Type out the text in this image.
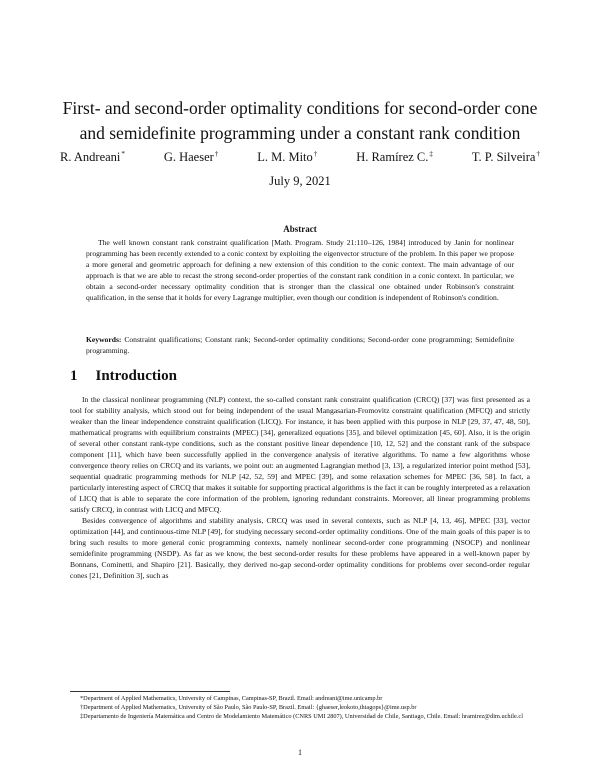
First- and second-order optimality conditions for second-order cone
and semidefinite programming under a constant rank condition
R. Andreani*	G. Haeser†	L. M. Mito†	H. Ramírez C.‡	T. P. Silveira†
July 9, 2021
Abstract

The well known constant rank constraint qualification [Math. Program. Study 21:110–126, 1984] introduced by Janin for nonlinear programming has been recently extended to a conic context by exploiting the eigenvector structure of the problem. In this paper we propose a more general and geometric approach for defining a new extension of this condition to the conic context. The main advantage of our approach is that we are able to recast the strong second-order properties of the constant rank condition in a conic context. In particular, we obtain a second-order necessary optimality condition that is stronger than the classical one obtained under Robinson's constraint qualification, in the sense that it holds for every Lagrange multiplier, even though our condition is independent of Robinson's condition.

Keywords: Constraint qualifications; Constant rank; Second-order optimality conditions; Second-order cone programming; Semidefinite programming.

1 Introduction

In the classical nonlinear programming (NLP) context, the so-called constant rank constraint qualification (CRCQ) [37] was first presented as a tool for stability analysis, which stood out for being independent of the usual Mangasarian-Fromovitz constraint qualification (MFCQ) and strictly weaker than the linear independence constraint qualification (LICQ). For instance, it has been applied with this purpose in NLP [29, 37, 47, 48, 50], mathematical programs with equilibrium constraints (MPEC) [34], generalized equations [35], and bilevel optimization [45, 60]. Also, it is the origin of several other constant rank-type conditions, such as the constant positive linear dependence [10, 12, 52] and the constant rank of the subspace component [11], which have been successfully applied in the convergence analysis of iterative algorithms. To name a few algorithms whose convergence theory relies on CRCQ and its variants, we point out: an augmented Lagrangian method [3, 13], a regularized interior point method [53], sequential quadratic programming methods for NLP [42, 52, 59] and MPEC [39], and some relaxation schemes for MPEC [36, 58]. In fact, a particularly interesting aspect of CRCQ that makes it suitable for supporting practical algorithms is the fact it can be roughly interpreted as a relaxation of LICQ that is able to separate the core information of the problem, ignoring redundant constraints. Moreover, all linear programming problems satisfy CRCQ, in contrast with LICQ and MFCQ.

Besides convergence of algorithms and stability analysis, CRCQ was used in several contexts, such as NLP [4, 13, 46], MPEC [33], vector optimization [44], and continuous-time NLP [49], for studying necessary second-order optimality conditions. One of the main goals of this paper is to bring such results to more general conic programming contexts, namely nonlinear second-order cone programming (NSOCP) and nonlinear semidefinite programming (NSDP). As far as we know, the best second-order results for these problems have appeared in a well-known paper by Bonnans, Cominetti, and Shapiro [21]. Basically, they derived no-gap second-order optimality conditions for problems over second-order regular cones [21, Definition 3], such as

*Department of Applied Mathematics, University of Campinas, Campinas-SP, Brazil. Email: andreani@ime.unicamp.br

†Department of Applied Mathematics, University of São Paulo, São Paulo-SP, Brazil. Email: {ghaeser,leokoto,thiagops}@ime.usp.br

‡Departamento de Ingeniería Matemática and Centro de Modelamiento Matemático (CNRS UMI 2807), Universidad de Chile, Santiago, Chile. Email: hramirez@dim.uchile.cl

1
